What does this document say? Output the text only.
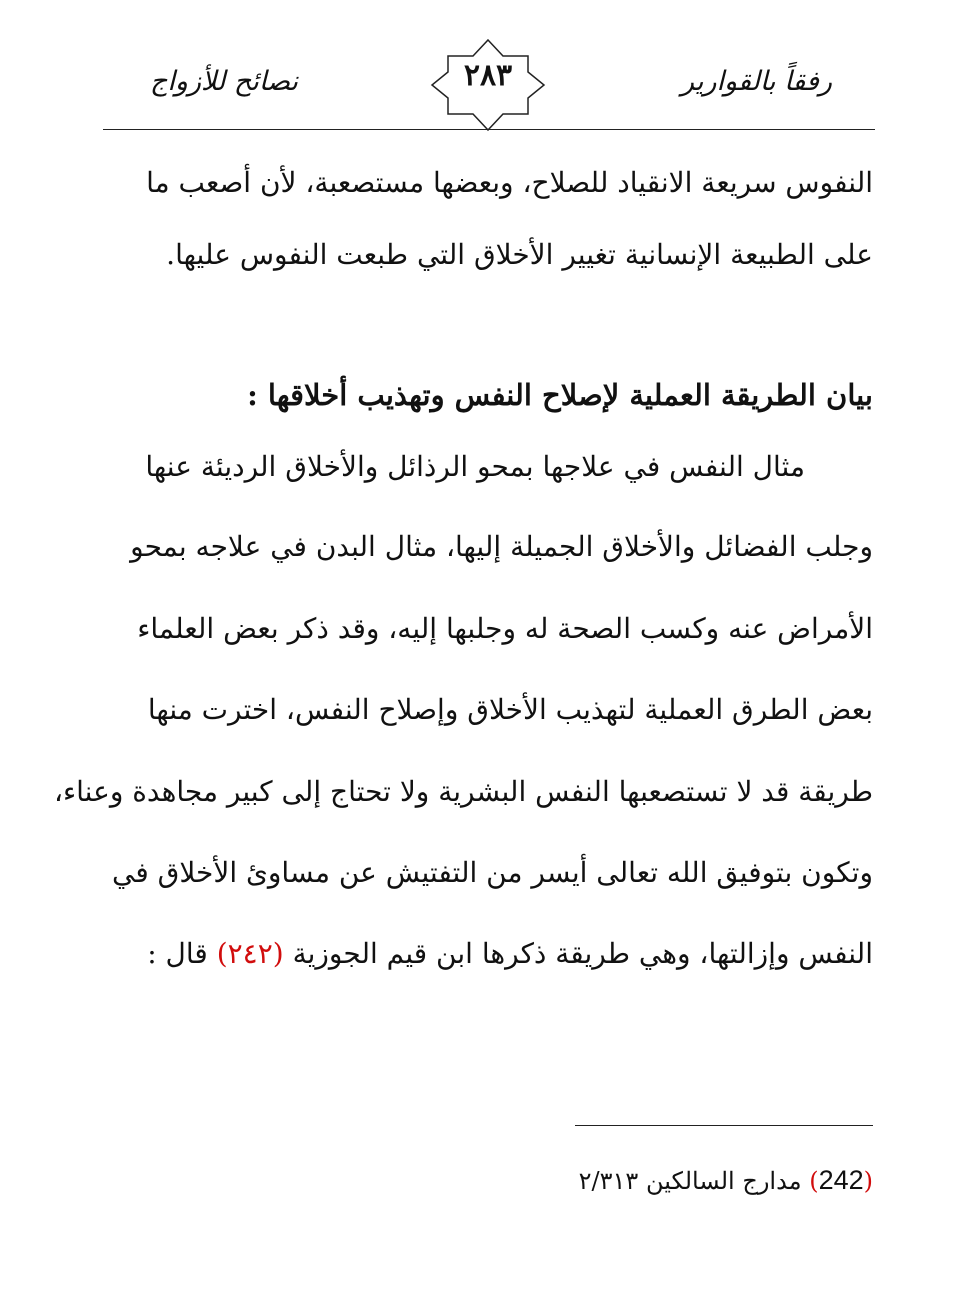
رفقاً بالقوارير
٢٨٣
نصائح للأزواج
النفوس سريعة الانقياد للصلاح، وبعضها مستصعبة، لأن أصعب ما
على الطبيعة الإنسانية تغيير الأخلاق التي طبعت النفوس عليها.
بيان الطريقة العملية لإصلاح النفس وتهذيب أخلاقها :
مثال النفس في علاجها بمحو الرذائل والأخلاق الرديئة عنها
وجلب الفضائل والأخلاق الجميلة إليها، مثال البدن في علاجه بمحو
الأمراض عنه وكسب الصحة له وجلبها إليه، وقد ذكر بعض العلماء
بعض الطرق العملية لتهذيب الأخلاق وإصلاح النفس، اخترت منها
طريقة قد لا تستصعبها النفس البشرية ولا تحتاج إلى كبير مجاهدة وعناء،
وتكون بتوفيق الله تعالى أيسر من التفتيش عن مساوئ الأخلاق في
النفس وإزالتها، وهي طريقة ذكرها ابن قيم الجوزية (٢٤٢) قال :
(242) مدارج السالكين ٢/٣١٣
